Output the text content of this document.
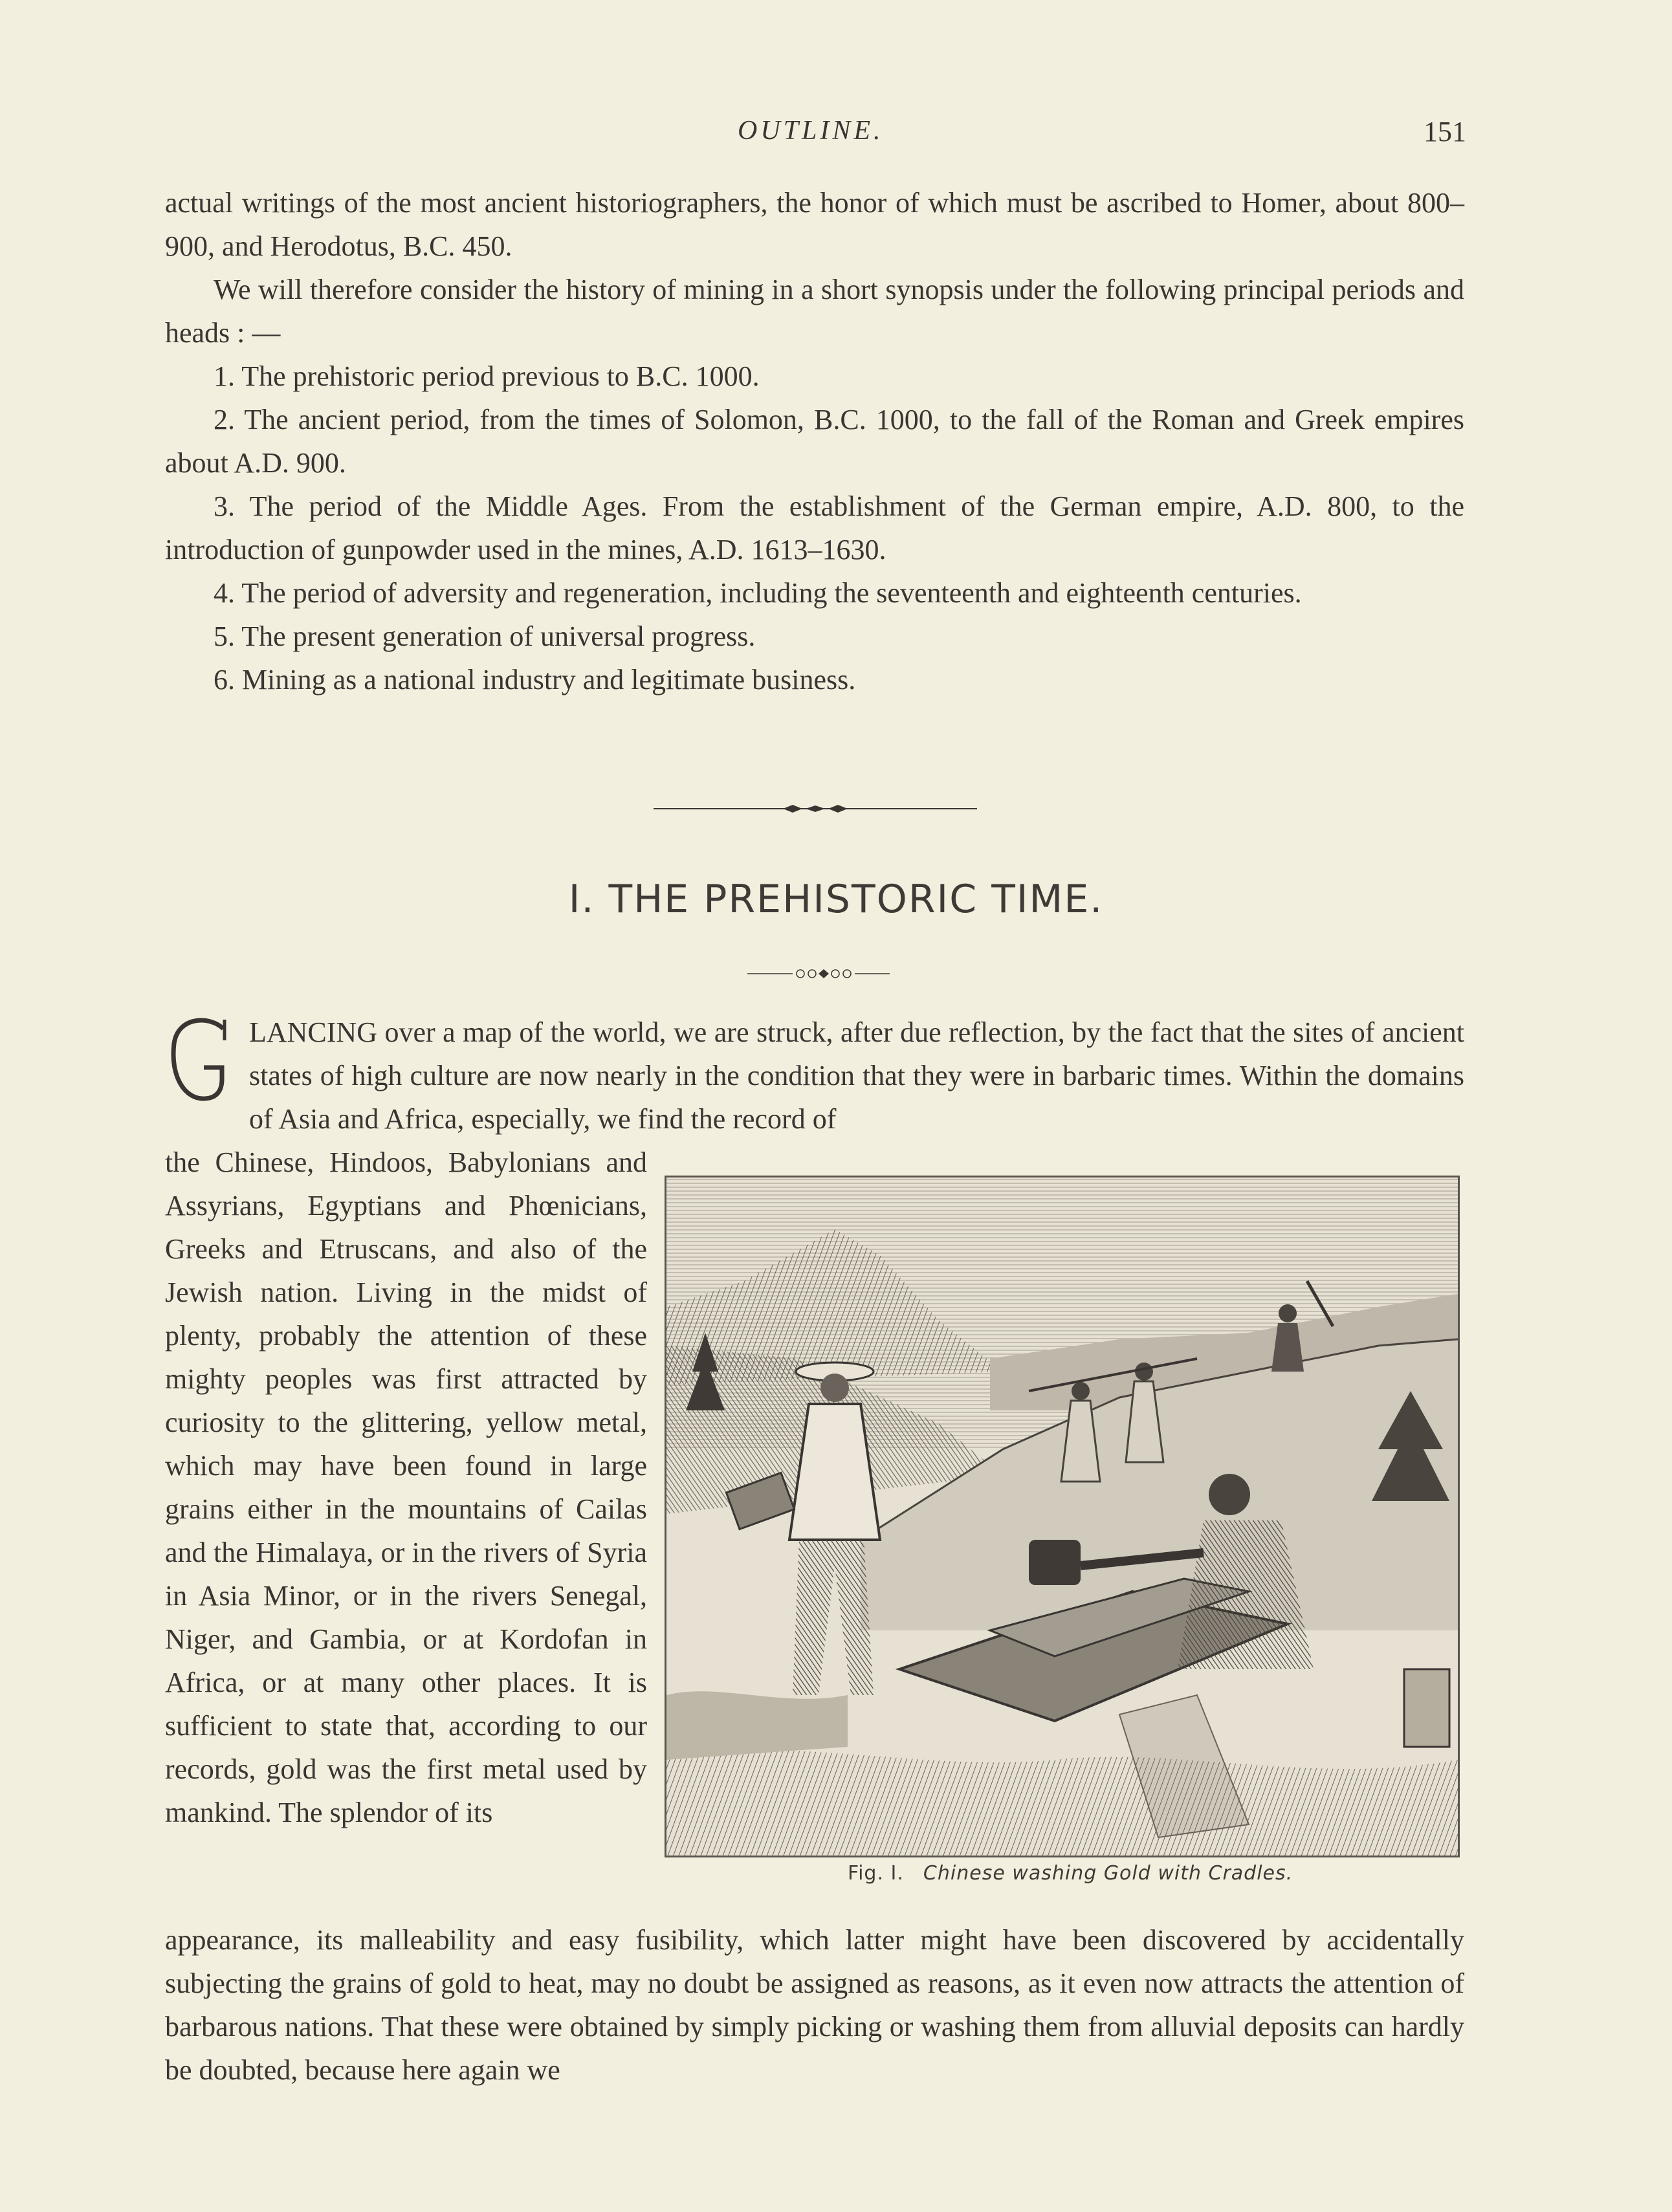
OUTLINE.	151

actual writings of the most ancient historiographers, the honor of which must be ascribed to Homer, about 800–900, and Herodotus, B.C. 450.

We will therefore consider the history of mining in a short synopsis under the following principal periods and heads : —

1. The prehistoric period previous to B.C. 1000.

2. The ancient period, from the times of Solomon, B.C. 1000, to the fall of the Roman and Greek empires about A.D. 900.

3. The period of the Middle Ages. From the establishment of the German empire, A.D. 800, to the introduction of gunpowder used in the mines, A.D. 1613–1630.

4. The period of adversity and regeneration, including the seventeenth and eighteenth centuries.

5. The present generation of universal progress.

6. Mining as a national industry and legitimate business.

I. THE PREHISTORIC TIME.
G

LANCING over a map of the world, we are struck, after due reflection, by the fact that the sites of ancient states of high culture are now nearly in the condition that they were in barbaric times. Within the domains of Asia and Africa, especially, we find the record of

the Chinese, Hindoos, Babylonians and Assyrians, Egyptians and Phœnicians, Greeks and Etruscans, and also of the Jewish nation. Living in the midst of plenty, probably the attention of these mighty peoples was first attracted by curiosity to the glittering, yellow metal, which may have been found in large grains either in the mountains of Cailas and the Himalaya, or in the rivers of Syria in Asia Minor, or in the rivers Senegal, Niger, and Gambia, or at Kordofan in Africa, or at many other places. It is sufficient to state that, according to our records, gold was the first metal used by mankind. The splendor of its
Fig. I. Chinese washing Gold with Cradles.
appearance, its malleability and easy fusibility, which latter might have been discovered by accidentally subjecting the grains of gold to heat, may no doubt be assigned as reasons, as it even now attracts the attention of barbarous nations. That these were obtained by simply picking or washing them from alluvial deposits can hardly be doubted, because here again we
